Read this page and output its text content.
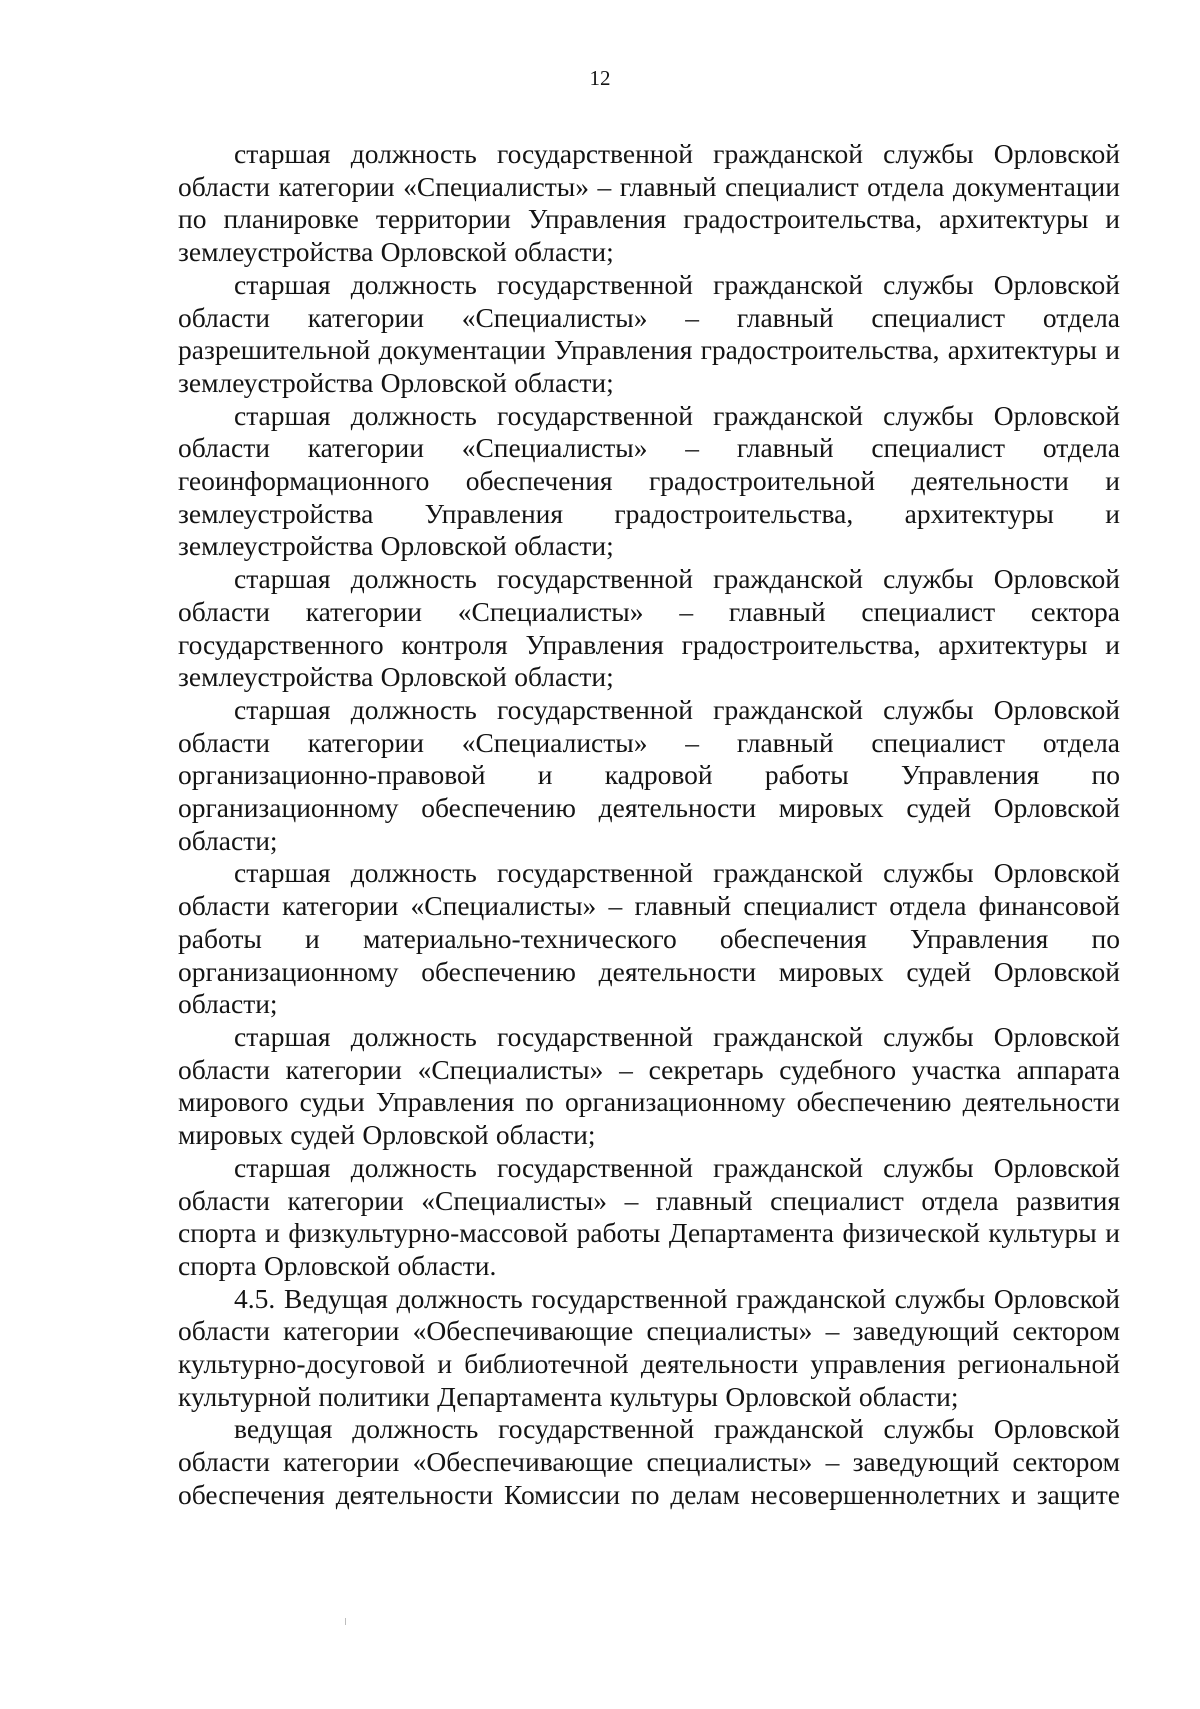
12

старшая должность государственной гражданской службы Орловской области категории «Специалисты» – главный специалист отдела документации по планировке территории Управления градостроительства, архитектуры и землеустройства Орловской области;

старшая должность государственной гражданской службы Орловской области категории «Специалисты» – главный специалист отдела разрешительной документации Управления градостроительства, архитектуры и землеустройства Орловской области;

старшая должность государственной гражданской службы Орловской области категории «Специалисты» – главный специалист отдела геоинформационного обеспечения градостроительной деятельности и землеустройства Управления градостроительства, архитектуры и землеустройства Орловской области;

старшая должность государственной гражданской службы Орловской области категории «Специалисты» – главный специалист сектора государственного контроля Управления градостроительства, архитектуры и землеустройства Орловской области;

старшая должность государственной гражданской службы Орловской области категории «Специалисты» – главный специалист отдела организационно-правовой и кадровой работы Управления по организационному обеспечению деятельности мировых судей Орловской области;

старшая должность государственной гражданской службы Орловской области категории «Специалисты» – главный специалист отдела финансовой работы и материально-технического обеспечения Управления по организационному обеспечению деятельности мировых судей Орловской области;

старшая должность государственной гражданской службы Орловской области категории «Специалисты» – секретарь судебного участка аппарата мирового судьи Управления по организационному обеспечению деятельности мировых судей Орловской области;

старшая должность государственной гражданской службы Орловской области категории «Специалисты» – главный специалист отдела развития спорта и физкультурно-массовой работы Департамента физической культуры и спорта Орловской области.

4.5. Ведущая должность государственной гражданской службы Орловской области категории «Обеспечивающие специалисты» – заведующий сектором культурно-досуговой и библиотечной деятельности управления региональной культурной политики Департамента культуры Орловской области;

ведущая должность государственной гражданской службы Орловской области категории «Обеспечивающие специалисты» – заведующий сектором обеспечения деятельности Комиссии по делам несовершеннолетних и защите
